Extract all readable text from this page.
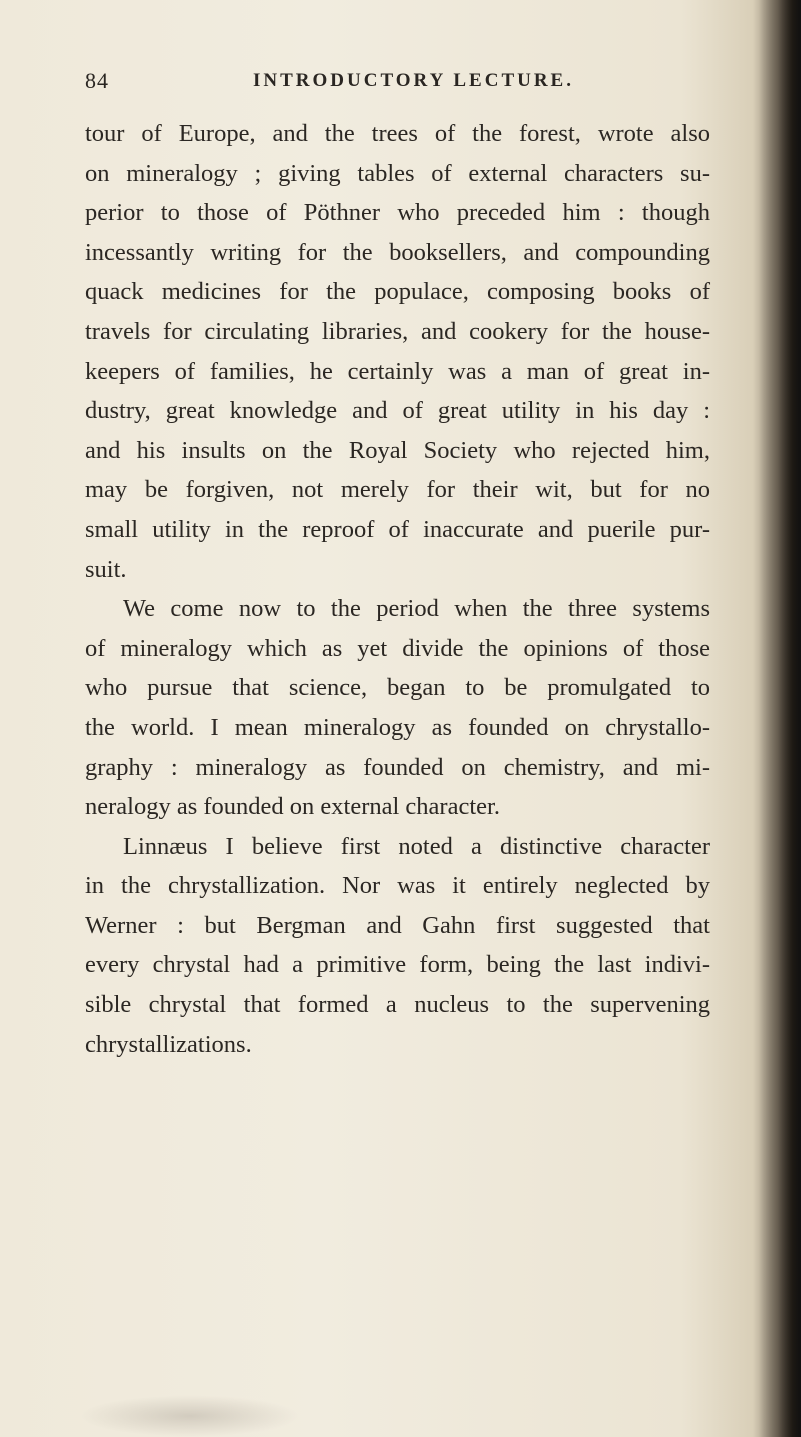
84	INTRODUCTORY LECTURE.
tour of Europe, and the trees of the forest, wrote also
on mineralogy ; giving tables of external characters su-
perior to those of Pöthner who preceded him : though
incessantly writing for the booksellers, and compounding
quack medicines for the populace, composing books of
travels for circulating libraries, and cookery for the house-
keepers of families, he certainly was a man of great in-
dustry, great knowledge and of great utility in his day :
and his insults on the Royal Society who rejected him,
may be forgiven, not merely for their wit, but for no
small utility in the reproof of inaccurate and puerile pur-
suit.
We come now to the period when the three systems
of mineralogy which as yet divide the opinions of those
who pursue that science, began to be promulgated to
the world. I mean mineralogy as founded on chrystallo-
graphy : mineralogy as founded on chemistry, and mi-
neralogy as founded on external character.
Linnæus I believe first noted a distinctive character
in the chrystallization. Nor was it entirely neglected by
Werner : but Bergman and Gahn first suggested that
every chrystal had a primitive form, being the last indivi-
sible chrystal that formed a nucleus to the supervening
chrystallizations.
